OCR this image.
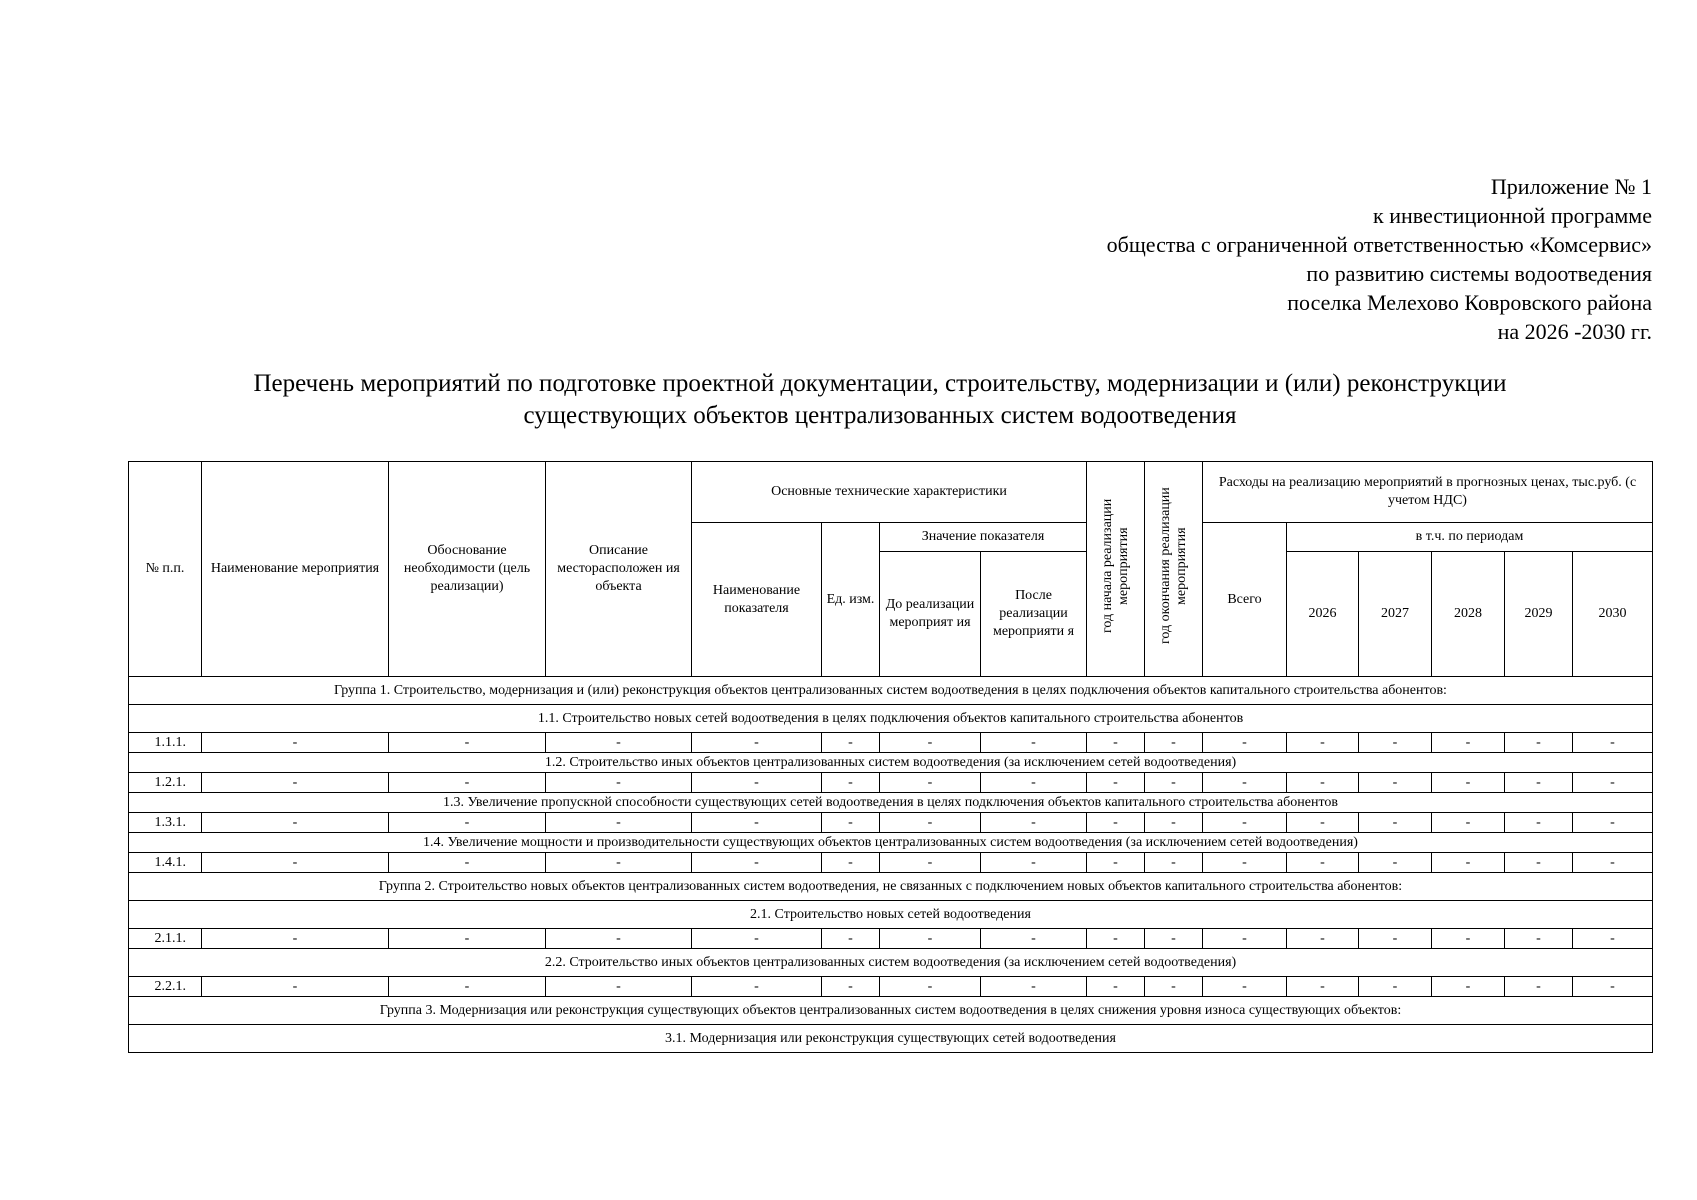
Приложение № 1
к инвестиционной программе
общества с ограниченной ответственностью «Комсервис»
по развитию системы водоотведения
поселка Мелехово Ковровского района
на 2026 -2030 гг.
Перечень мероприятий по подготовке проектной документации, строительству, модернизации и (или) реконструкции
существующих объектов централизованных систем водоотведения
№ п.п.	Наименование мероприятия	Обоснование необходимости (цель реализации)	Описание месторасположен ия объекта	Основные технические характеристики				год начала реализации мероприятия	год окончания реализации мероприятия	Расходы на реализацию мероприятий в прогнозных ценах, тыс.руб. (с учетом НДС)					
				Наименование показателя	Ед. изм.	Значение показателя				Всего	в т.ч. по периодам				
						До реализации мероприят ия	После реализации мероприяти я				2026	2027	2028	2029	2030
Группа 1. Строительство, модернизация и (или) реконструкция объектов централизованных систем водоотведения в целях подключения объектов капитального строительства абонентов:															
1.1. Строительство новых сетей водоотведения в целях подключения объектов капитального строительства абонентов															
1.1.1.	-	-	-	-	-	-	-	-	-	-	-	-	-	-	-
1.2. Строительство иных объектов централизованных систем водоотведения (за исключением сетей водоотведения)															
1.2.1.	-	-	-	-	-	-	-	-	-	-	-	-	-	-	-
1.3. Увеличение пропускной способности существующих сетей водоотведения в целях подключения объектов капитального строительства абонентов															
1.3.1.	-	-	-	-	-	-	-	-	-	-	-	-	-	-	-
1.4. Увеличение мощности и производительности существующих объектов централизованных систем водоотведения (за исключением сетей водоотведения)															
1.4.1.	-	-	-	-	-	-	-	-	-	-	-	-	-	-	-
Группа 2. Строительство новых объектов централизованных систем водоотведения, не связанных с подключением новых объектов капитального строительства абонентов:															
2.1. Строительство новых сетей водоотведения															
2.1.1.	-	-	-	-	-	-	-	-	-	-	-	-	-	-	-
2.2. Строительство иных объектов централизованных систем водоотведения (за исключением сетей водоотведения)															
2.2.1.	-	-	-	-	-	-	-	-	-	-	-	-	-	-	-
Группа 3. Модернизация или реконструкция существующих объектов централизованных систем водоотведения в целях снижения уровня износа существующих объектов:															
3.1. Модернизация или реконструкция существующих сетей водоотведения															
